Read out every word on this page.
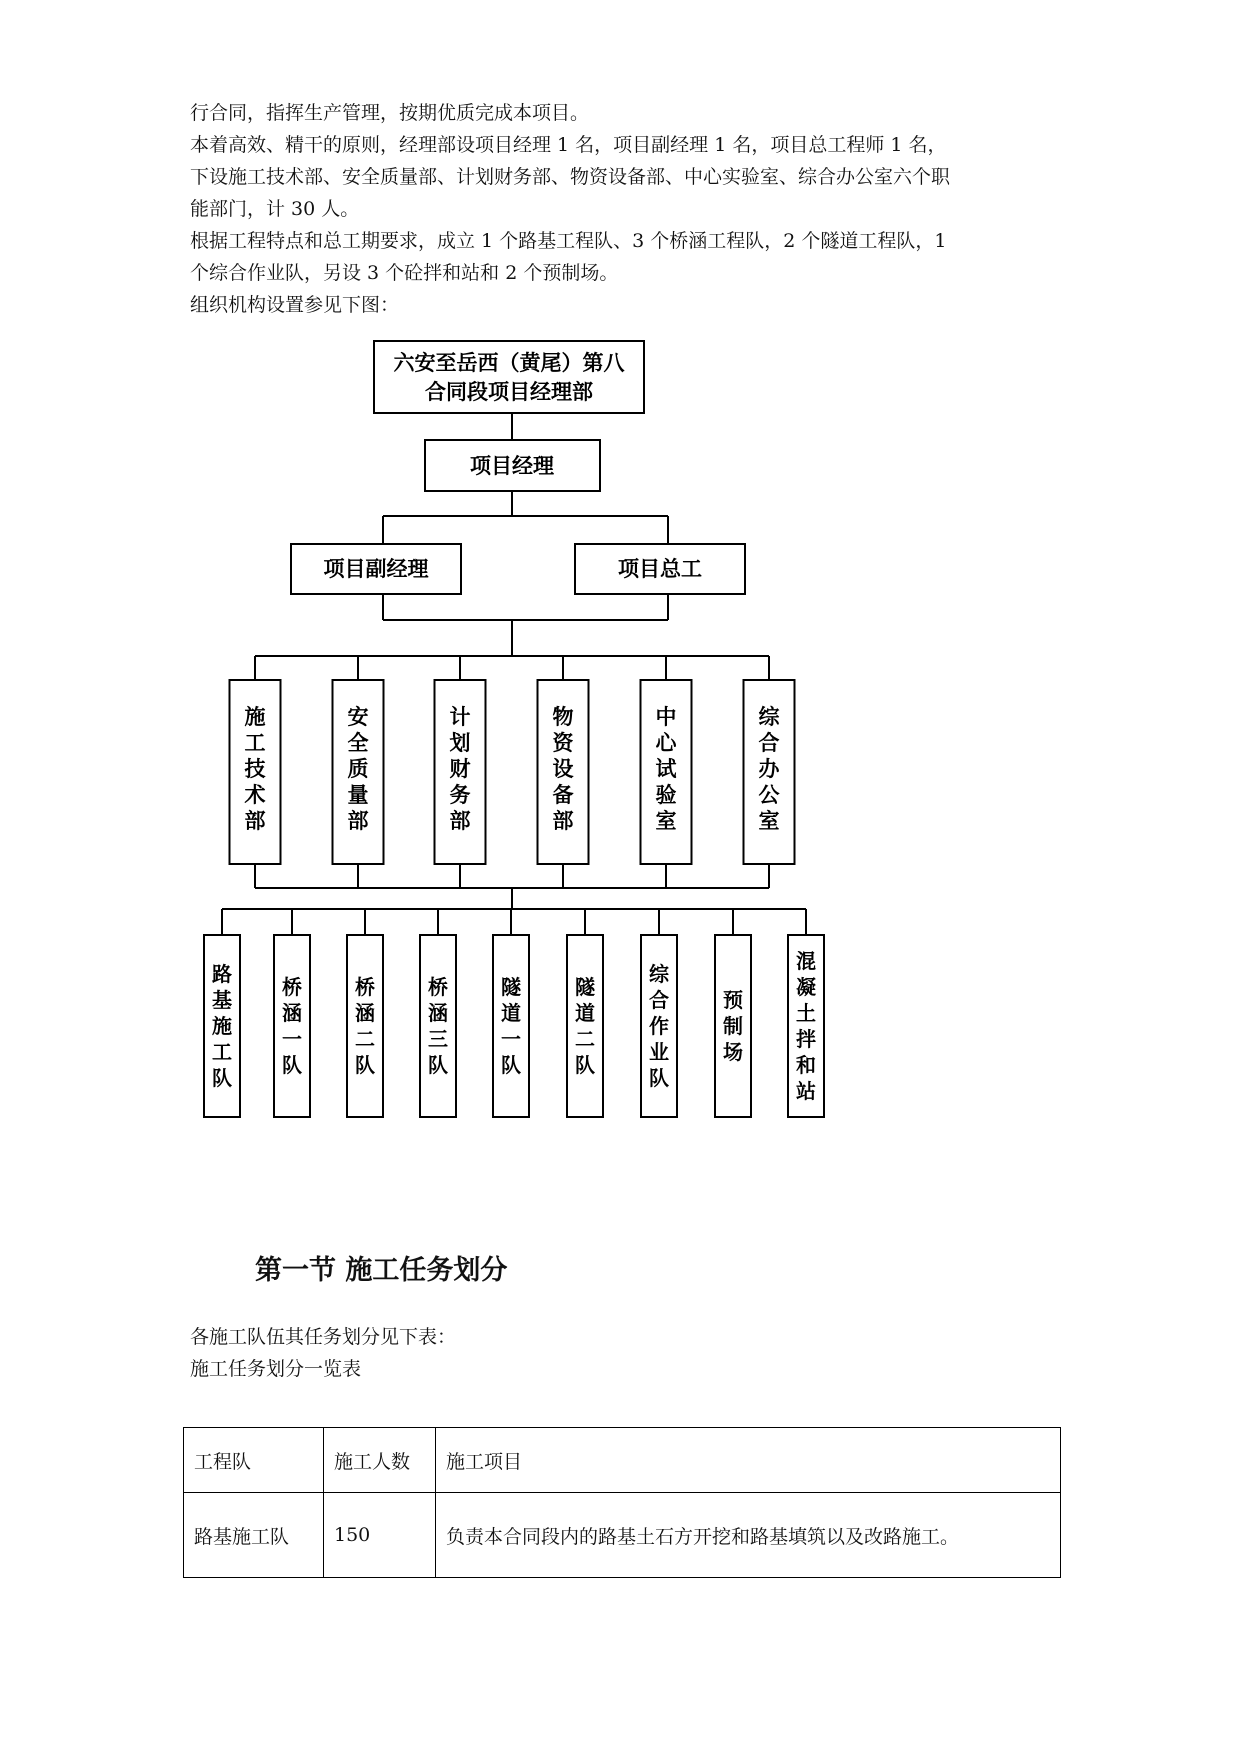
行合同，指挥生产管理，按期优质完成本项目。
本着高效、精干的原则，经理部设项目经理 1 名，项目副经理 1 名，项目总工程师 1 名，
下设施工技术部、安全质量部、计划财务部、物资设备部、中心实验室、综合办公室六个职
能部门，计 30 人。
根据工程特点和总工期要求，成立 1 个路基工程队、3 个桥涵工程队，2 个隧道工程队，1
个综合作业队，另设 3 个砼拌和站和 2 个预制场。
组织机构设置参见下图：
六安至岳西（黄尾）第八
合同段项目经理部
项目经理
项目副经理	项目总工
施工技术部
安全质量部
计划财务部
物资设备部
中心试验室
综合办公室
路基施工队
桥涵一队
桥涵二队
桥涵三队
隧道一队
隧道二队
综合作业队
预制场
混凝土拌和站
第一节 施工任务划分
各施工队伍其任务划分见下表：
施工任务划分一览表
工程队	施工人数	施工项目
路基施工队	150	负责本合同段内的路基土石方开挖和路基填筑以及改路施工。
